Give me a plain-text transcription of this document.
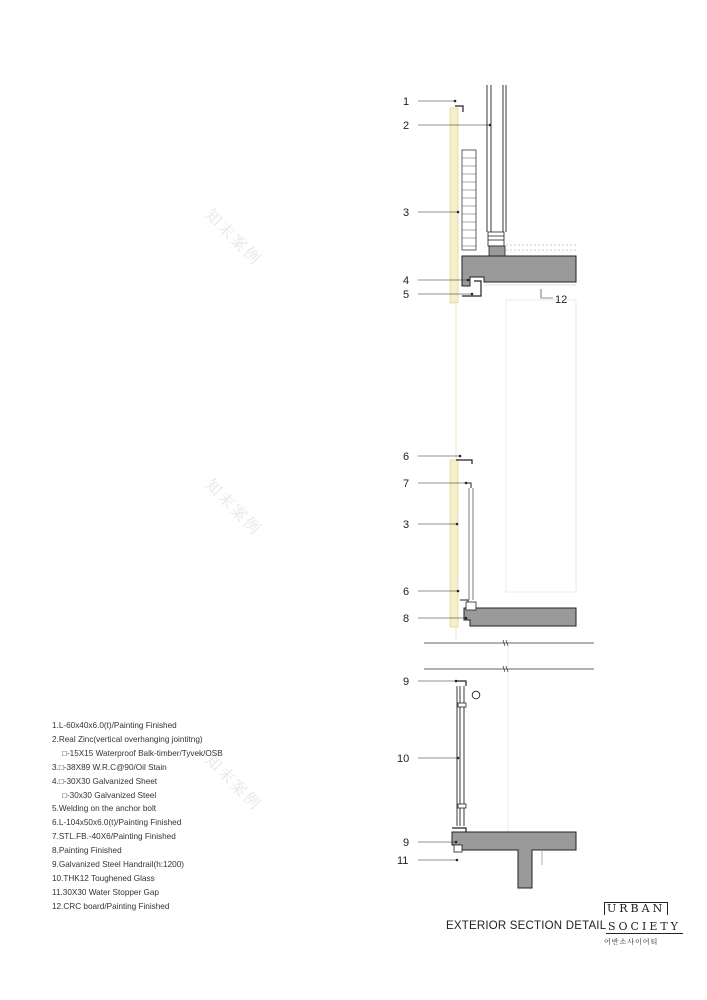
1
2
3
4
5	12
6
7
3
6
8
9
10
9
11
知末案例
知末案例
知末案例
1.L-60x40x6.0(t)/Painting Finished
2.Real Zinc(vertical overhanging jointitng)
□-15X15 Waterproof Balk-timber/Tyvek/OSB
3.□-38X89 W.R.C@90/Oil Stain
4.□-30X30 Galvanized Sheet
□-30x30 Galvanized Steel
5.Welding on the anchor bolt
6.L-104x50x6.0(t)/Painting Finished
7.STL.FB.-40X6/Painting Finished
8.Painting Finished
9.Galvanized Steel Handrail(h:1200)
10.THK12 Toughened Glass
11.30X30 Water Stopper Gap
12.CRC board/Painting Finished
EXTERIOR SECTION DETAIL
URBAN
SOCIETY
어반소사이어티
